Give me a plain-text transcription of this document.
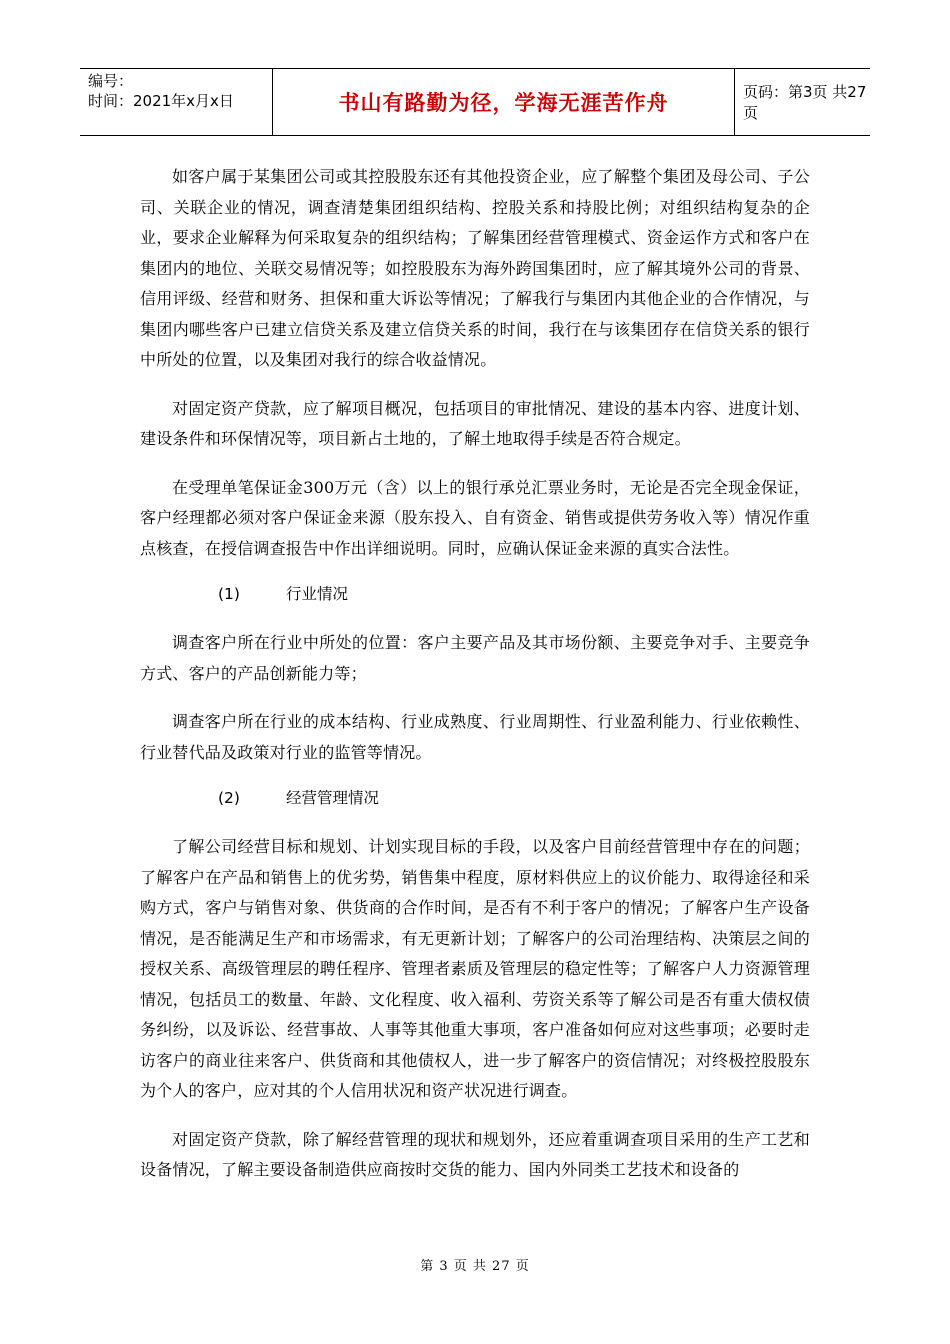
编号：
时间：2021年x月x日	书山有路勤为径，学海无涯苦作舟	页码：第3页 共27页

如客户属于某集团公司或其控股股东还有其他投资企业，应了解整个集团及母公司、子公司、关联企业的情况，调查清楚集团组织结构、控股关系和持股比例；对组织结构复杂的企业，要求企业解释为何采取复杂的组织结构；了解集团经营管理模式、资金运作方式和客户在集团内的地位、关联交易情况等；如控股股东为海外跨国集团时，应了解其境外公司的背景、信用评级、经营和财务、担保和重大诉讼等情况；了解我行与集团内其他企业的合作情况，与集团内哪些客户已建立信贷关系及建立信贷关系的时间，我行在与该集团存在信贷关系的银行中所处的位置，以及集团对我行的综合收益情况。

对固定资产贷款，应了解项目概况，包括项目的审批情况、建设的基本内容、进度计划、建设条件和环保情况等，项目新占土地的，了解土地取得手续是否符合规定。

在受理单笔保证金300万元（含）以上的银行承兑汇票业务时，无论是否完全现金保证，客户经理都必须对客户保证金来源（股东投入、自有资金、销售或提供劳务收入等）情况作重点核查，在授信调查报告中作出详细说明。同时，应确认保证金来源的真实合法性。

(1)	行业情况

调查客户所在行业中所处的位置：客户主要产品及其市场份额、主要竞争对手、主要竞争方式、客户的产品创新能力等；

调查客户所在行业的成本结构、行业成熟度、行业周期性、行业盈利能力、行业依赖性、行业替代品及政策对行业的监管等情况。

(2)	经营管理情况

了解公司经营目标和规划、计划实现目标的手段，以及客户目前经营管理中存在的问题；了解客户在产品和销售上的优劣势，销售集中程度，原材料供应上的议价能力、取得途径和采购方式，客户与销售对象、供货商的合作时间，是否有不利于客户的情况；了解客户生产设备情况，是否能满足生产和市场需求，有无更新计划；了解客户的公司治理结构、决策层之间的授权关系、高级管理层的聘任程序、管理者素质及管理层的稳定性等；了解客户人力资源管理情况，包括员工的数量、年龄、文化程度、收入福利、劳资关系等了解公司是否有重大债权债务纠纷，以及诉讼、经营事故、人事等其他重大事项，客户准备如何应对这些事项；必要时走访客户的商业往来客户、供货商和其他债权人，进一步了解客户的资信情况；对终极控股股东为个人的客户，应对其的个人信用状况和资产状况进行调查。

对固定资产贷款，除了解经营管理的现状和规划外，还应着重调查项目采用的生产工艺和设备情况，了解主要设备制造供应商按时交货的能力、国内外同类工艺技术和设备的

第 3 页 共 27 页
